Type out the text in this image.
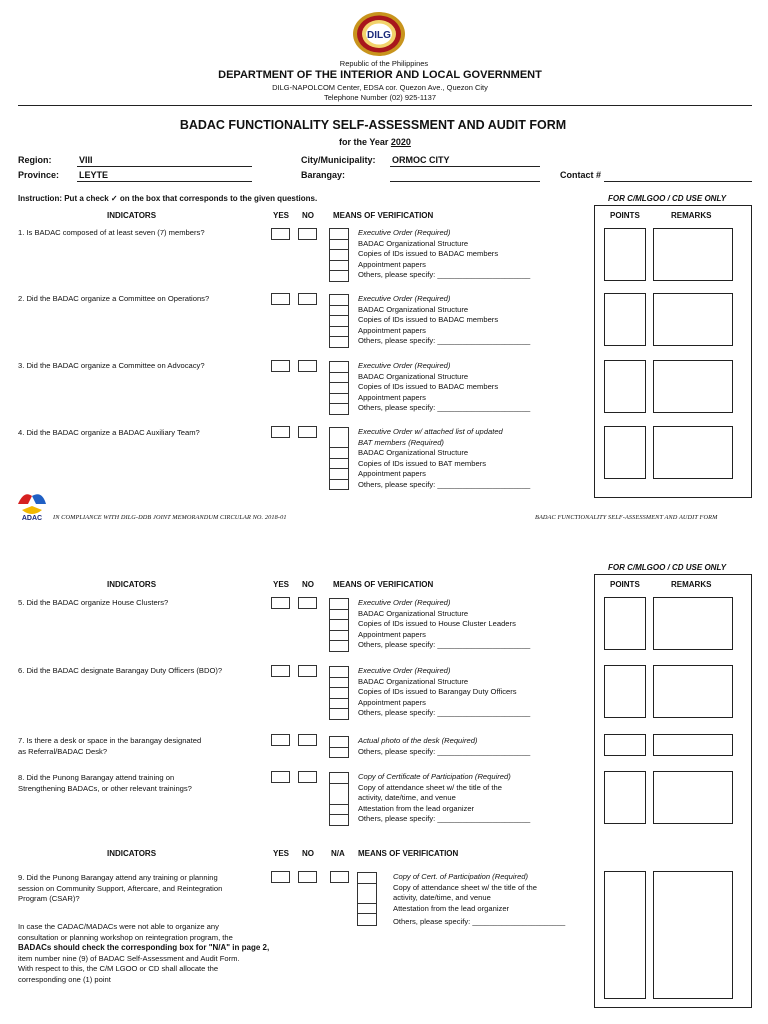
DILG
Republic of the Philippines
DEPARTMENT OF THE INTERIOR AND LOCAL GOVERNMENT
DILG-NAPOLCOM Center, EDSA cor. Quezon Ave., Quezon City
Telephone Number (02) 925-1137
BADAC FUNCTIONALITY SELF-ASSESSMENT AND AUDIT FORM
for the Year 2020
Region:	VIII
Province: LEYTE
City/Municipality: ORMOC CITY
Barangay:	Contact #
Instruction: Put a check ✓ on the box that corresponds to the given questions.	FOR C/MLGOO / CD USE ONLY
INDICATORS	YES NO MEANS OF VERIFICATION	POINTS	REMARKS
1. Is BADAC composed of at least seven (7) members?	Executive Order (Required)
BADAC Organizational Structure
Copies of IDs issued to BADAC members
Appointment papers
Others, please specify: ______________________
2. Did the BADAC organize a Committee on Operations?	Executive Order (Required)
BADAC Organizational Structure
Copies of IDs issued to BADAC members
Appointment papers
Others, please specify: ______________________
3. Did the BADAC organize a Committee on Advocacy?	Executive Order (Required)
BADAC Organizational Structure
Copies of IDs issued to BADAC members
Appointment papers
Others, please specify: ______________________
4. Did the BADAC organize a BADAC Auxiliary Team?	Executive Order w/ attached list of updated
BAT members (Required)
BADAC Organizational Structure
Copies of IDs issued to BAT members
Appointment papers
Others, please specify: ______________________
ADAC IN COMPLIANCE WITH DILG-DDB JOINT MEMORANDUM CIRCULAR NO. 2018-01	BADAC FUNCTIONALITY SELF-ASSESSMENT AND AUDIT FORM
FOR C/MLGOO / CD USE ONLY
INDICATORS	YES NO MEANS OF VERIFICATION	POINTS	REMARKS
5. Did the BADAC organize House Clusters?	Executive Order (Required)
BADAC Organizational Structure
Copies of IDs issued to House Cluster Leaders
Appointment papers
Others, please specify: ______________________
6. Did the BADAC designate Barangay Duty Officers (BDO)?	Executive Order (Required)
BADAC Organizational Structure
Copies of IDs issued to Barangay Duty Officers
Appointment papers
Others, please specify: ______________________
7. Is there a desk or space in the barangay designated
as Referral/BADAC Desk?
Actual photo of the desk (Required)
Others, please specify: ______________________
8. Did the Punong Barangay attend training on
Strengthening BADACs, or other relevant trainings?
Copy of Certificate of Participation (Required)
Copy of attendance sheet w/ the title of the
activity, date/time, and venue
Attestation from the lead organizer
Others, please specify: ______________________
INDICATORS	YES NO N/A MEANS OF VERIFICATION
9. Did the Punong Barangay attend any training or planning
session on Community Support, Aftercare, and Reintegration
Program (CSAR)?
Copy of Cert. of Participation (Required)
Copy of attendance sheet w/ the title of the
activity, date/time, and venue
Attestation from the lead organizer
Others, please specify: ______________________
In case the CADAC/MADACs were not able to organize any
consultation or planning workshop on reintegration program, the
BADACs should check the corresponding box for "N/A" in page 2,
item number nine (9) of BADAC Self-Assessment and Audit Form.
With respect to this, the C/M LGOO or CD shall allocate the
corresponding one (1) point
